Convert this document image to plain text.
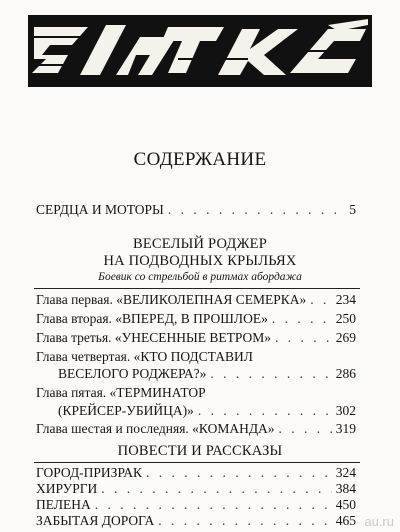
СОДЕРЖАНИЕ
СЕРДЦА И МОТОРЫ . . .	5
ВЕСЕЛЫЙ РОДЖЕР
НА ПОДВОДНЫХ КРЫЛЬЯХ
Боевик со стрельбой в ритмах абордажа
Глава первая. «ВЕЛИКОЛЕПНАЯ СЕМЕРКА» . . . 234
Глава вторая. «ВПЕРЕД, В ПРОШЛОЕ» . . .	250
Глава третья. «УНЕСЕННЫЕ ВЕТРОМ» . . .	269
Глава четвертая. «КТО ПОДСТАВИЛ
ВЕСЕЛОГО РОДЖЕРА?» . . .	286
Глава пятая. «ТЕРМИНАТОР
(КРЕЙСЕР-УБИЙЦА)» . . .	302
Глава шестая и последняя. «КОМАНДА» . . .	319
ПОВЕСТИ И РАССКАЗЫ
ГОРОД-ПРИЗРАК . . .	324
ХИРУРГИ . . .	384
ПЕЛЕНА . . .	450
ЗАБЫТАЯ ДОРОГА . . .	465 au.ru
